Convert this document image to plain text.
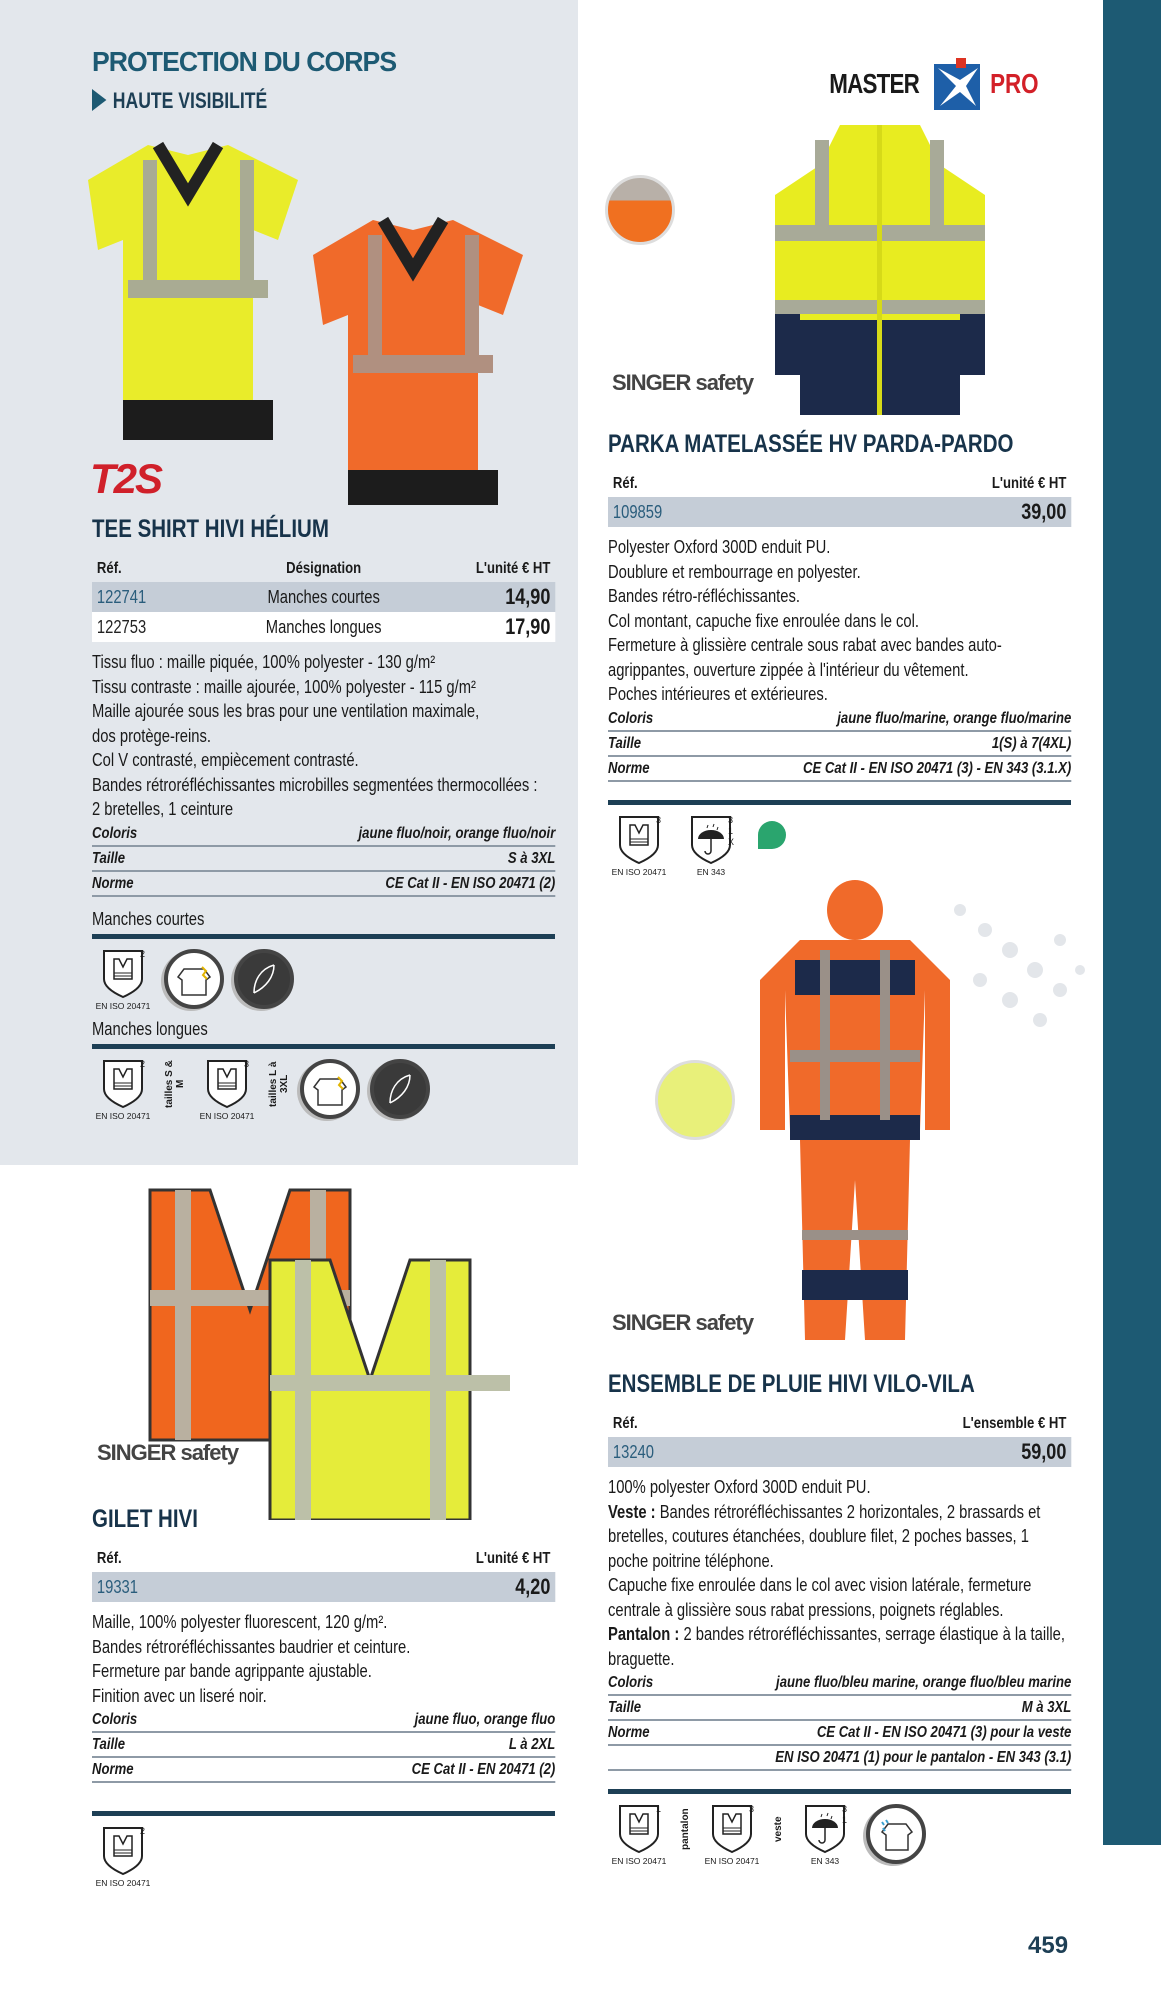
PROTECTION DU CORPS
HAUTE VISIBILITÉ
MASTER	PRO
T2S
TEE SHIRT HIVI HÉLIUM
Réf.	Désignation	L'unité € HT
122741	Manches courtes	14,90
122753	Manches longues	17,90
Tissu fluo : maille piquée, 100% polyester - 130 g/m²
Tissu contraste : maille ajourée, 100% polyester - 115 g/m²
Maille ajourée sous les bras pour une ventilation maximale,
dos protège-reins.
Col V contrasté, empiècement contrasté.
Bandes rétroréfléchissantes microbilles segmentées thermocollées :
2 bretelles, 1 ceinture
Coloris	jaune fluo/noir, orange fluo/noir
Taille	S à 3XL
Norme	CE Cat II - EN ISO 20471 (2)
Manches courtes
2
EN ISO 20471
Manches longues
2
EN ISO 20471
tailles S & M
3
EN ISO 20471
tailles L à 3XL
SINGER safety
GILET HIVI
Réf.	L'unité € HT
19331	4,20
Maille, 100% polyester fluorescent, 120 g/m².
Bandes rétroréfléchissantes baudrier et ceinture.
Fermeture par bande agrippante ajustable.
Finition avec un liseré noir.
Coloris	jaune fluo, orange fluo
Taille	L à 2XL
Norme	CE Cat II - EN 20471 (2)
2
EN ISO 20471
SINGER safety
PARKA MATELASSÉE HV PARDA-PARDO
Réf.	L'unité € HT
109859	39,00
Polyester Oxford 300D enduit PU.
Doublure et rembourrage en polyester.
Bandes rétro-réfléchissantes.
Col montant, capuche fixe enroulée dans le col.
Fermeture à glissière centrale sous rabat avec bandes auto-
agrippantes, ouverture zippée à l'intérieur du vêtement.
Poches intérieures et extérieures.
Coloris	jaune fluo/marine, orange fluo/marine
Taille	1(S) à 7(4XL)
Norme	CE Cat II - EN ISO 20471 (3) - EN 343 (3.1.X)
3
EN ISO 20471
3 1 X
EN 343
SINGER safety
ENSEMBLE DE PLUIE HIVI VILO-VILA
Réf.	L'ensemble € HT
13240	59,00
100% polyester Oxford 300D enduit PU.
Veste : Bandes rétroréfléchissantes 2 horizontales, 2 brassards et bretelles, coutures étanchées, doublure filet, 2 poches basses, 1 poche poitrine téléphone.
Capuche fixe enroulée dans le col avec vision latérale, fermeture centrale à glissière sous rabat pressions, poignets réglables.
Pantalon : 2 bandes rétroréfléchissantes, serrage élastique à la taille, braguette.
Coloris	jaune fluo/bleu marine, orange fluo/bleu marine
Taille	M à 3XL
Norme	CE Cat II - EN ISO 20471 (3) pour la veste
EN ISO 20471 (1) pour le pantalon - EN 343 (3.1)
1
EN ISO 20471
pantalon	3
EN ISO 20471
veste
3 1
EN 343
459
